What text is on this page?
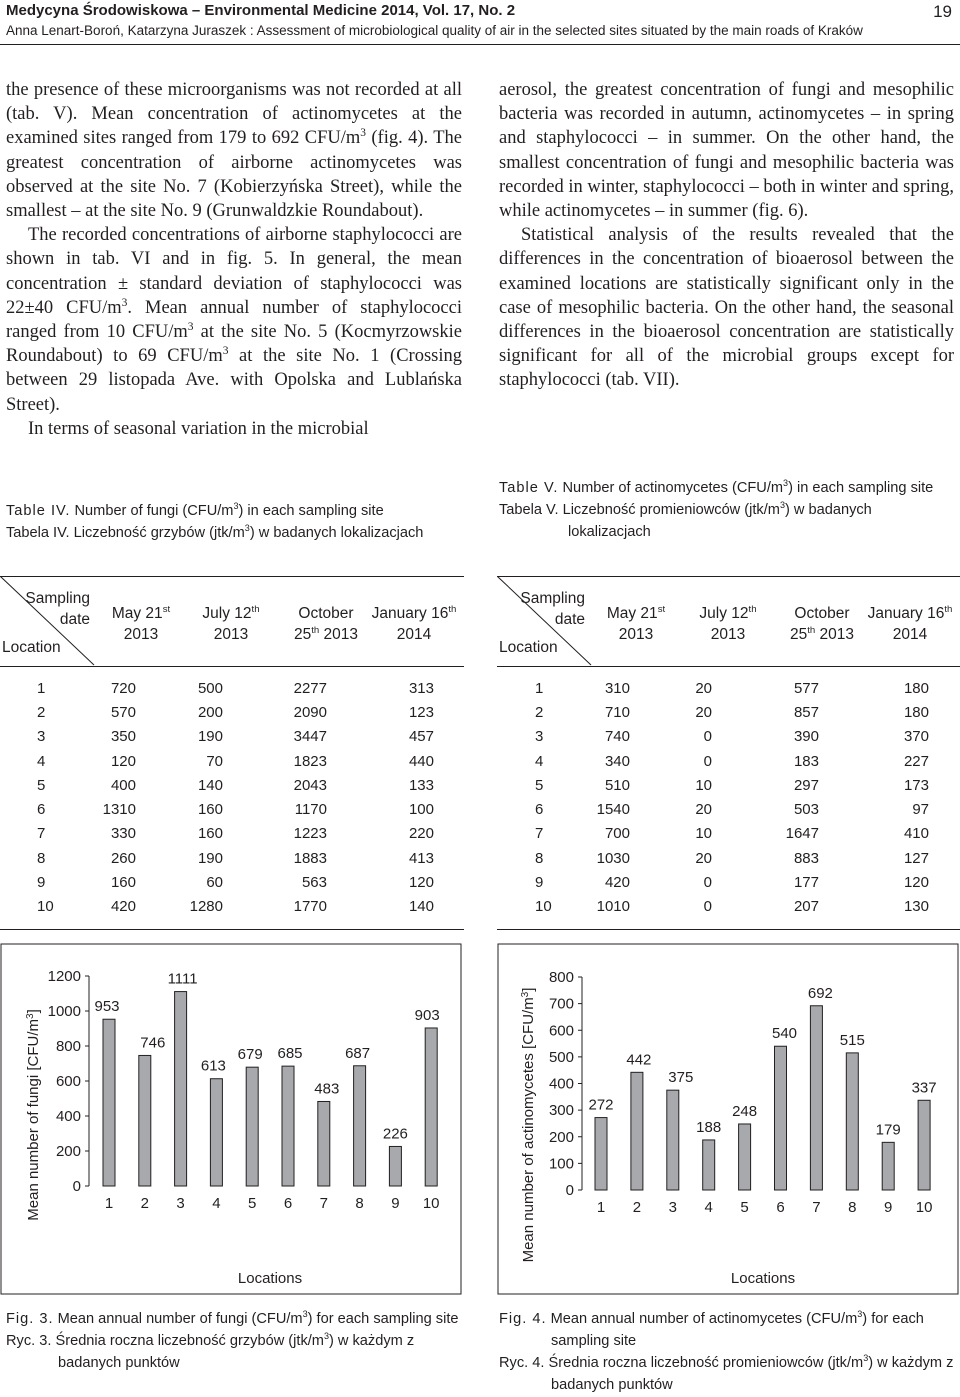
Medycyna Środowiskowa – Environmental Medicine 2014, Vol. 17, No. 2
Anna Lenart-Boroń, Katarzyna Juraszek : Assessment of microbiological quality of air in the selected sites situated by the main roads of Kraków
19

the presence of these microorganisms was not recorded at all (tab. V). Mean concentration of actinomycetes at the examined sites ranged from 179 to 692 CFU/$m^3$ (fig. 4). The greatest concentration of airborne actinomycetes was observed at the site No. 7 (Kobierzyńska Street), while the smallest – at the site No. 9 (Grunwaldzkie Roundabout).

The recorded concentrations of airborne staphylococci are shown in tab. VI and in fig. 5. In general, the mean concentration ± standard deviation of staphylococci was 22±40 CFU/$m^3$. Mean annual number of staphylococci ranged from 10 CFU/$m^3$ at the site No. 5 (Kocmyrzowskie Roundabout) to 69 CFU/$m^3$ at the site No. 1 (Crossing between 29 listopada Ave. with Opolska and Lublańska Street).

In terms of seasonal variation in the microbial

aerosol, the greatest concentration of fungi and mesophilic bacteria was recorded in autumn, actinomycetes – in spring and staphylococci – in summer. On the other hand, the smallest concentration of fungi and mesophilic bacteria was recorded in winter, staphylococci – both in winter and spring, while actinomycetes – in summer (fig. 6).

Statistical analysis of the results revealed that the differences in the concentration of bioaerosol between the examined locations are statistically significant only in the case of mesophilic bacteria. On the other hand, the seasonal differences in the bioaerosol concentration are statistically significant for all of the microbial groups except for staphylococci (tab. VII).

Table IV. Number of fungi $(CFU/m^3)$ in each sampling site
Tabela IV. Liczebność grzybów $(jtk/m^3)$ w badanych lokalizacjach
Table V. Number of actinomycetes $(CFU/m^3)$ in each sampling site
Tabela V. Liczebność promieniowców $(jtk/m^3)$ w badanych lokalizacjach
Sampling
date
Location
May 21st
2013
July 12th
2013
October
25th 2013
January 16th
2014
1	720	500	2277	313
2	570	200	2090	123
3	350	190	3447	457
4	120	70	1823	440
5	400	140	2043	133
6	1310	160	1170	100
7	330	160	1223	220
8	260	190	1883	413
9	160	60	563	120
10	420	1280	1770	140
Sampling
date
Location
May 21st
2013
July 12th
2013
October
25th 2013
January 16th
2014
1	310	20	577	180
2	710	20	857	180
3	740	0	390	370
4	340	0	183	227
5	510	10	297	173
6	1540	20	503	97
7	700	10	1647	410
8	1030	20	883	127
9	420	0	177	120
10	1010	0	207	130
Mean number of fungi $[CFU/m^3]$
0
200
400
600
800
1000
1200
1 2 3 4 5 6 7 8 9 10
953
746
1111
613
679 685
483
687
226
903
Locations
Mean number of actinomycetes $[CFU/m^3]$
0
100
200
300
400
500
600
700
800
1 2 3 4 5 6 7 8 9 10
272
442
375
188
248
540
692
515
179
337
Locations
Fig. 3. Mean annual number of fungi $(CFU/m^3)$ for each sampling site
Ryc. 3. Średnia roczna liczebność grzybów $(jtk/m^3)$ w każdym z badanych punktów
Fig. 4. Mean annual number of actinomycetes $(CFU/m^3)$ for each sampling site
Ryc. 4. Średnia roczna liczebność promieniowców $(jtk/m^3)$ w każdym z badanych punktów
